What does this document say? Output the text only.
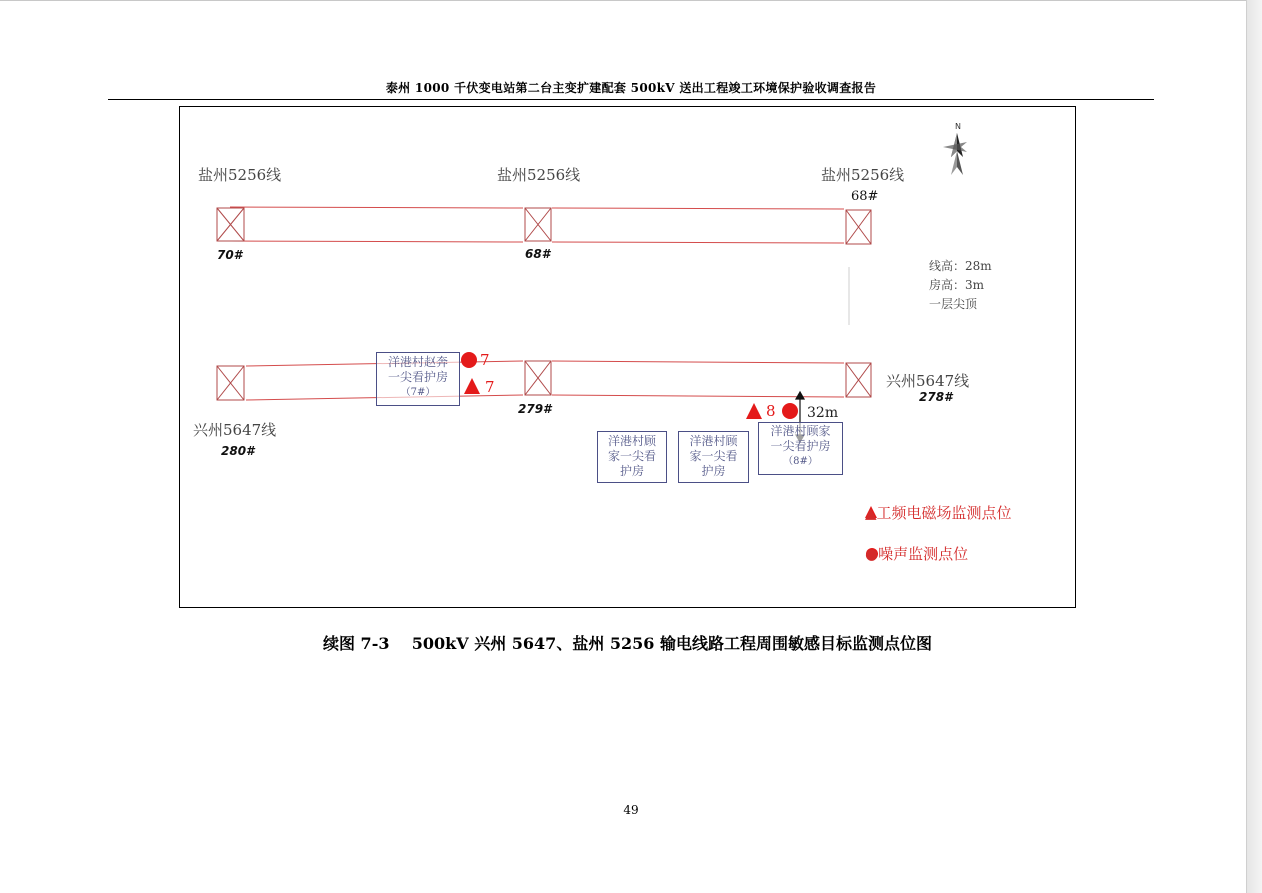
泰州 1000 千伏变电站第二台主变扩建配套 500kV 送出工程竣工环境保护验收调查报告
N
盐州5256线	盐州5256线	盐州5256线
兴州5647线
兴州5647线
70#	68#
68#
279#
280#
278#
线高：28m
房高：3m
一层尖顶
洋港村赵奔
一尖看护房
（7#）
洋港村顾
家一尖看
护房
洋港村顾
家一尖看
护房
洋港村顾家
一尖看护房
（8#）
7
7
8 32m
▲工频电磁场监测点位
●噪声监测点位
续图 7-3    500kV 兴州 5647、盐州 5256 输电线路工程周围敏感目标监测点位图
49
